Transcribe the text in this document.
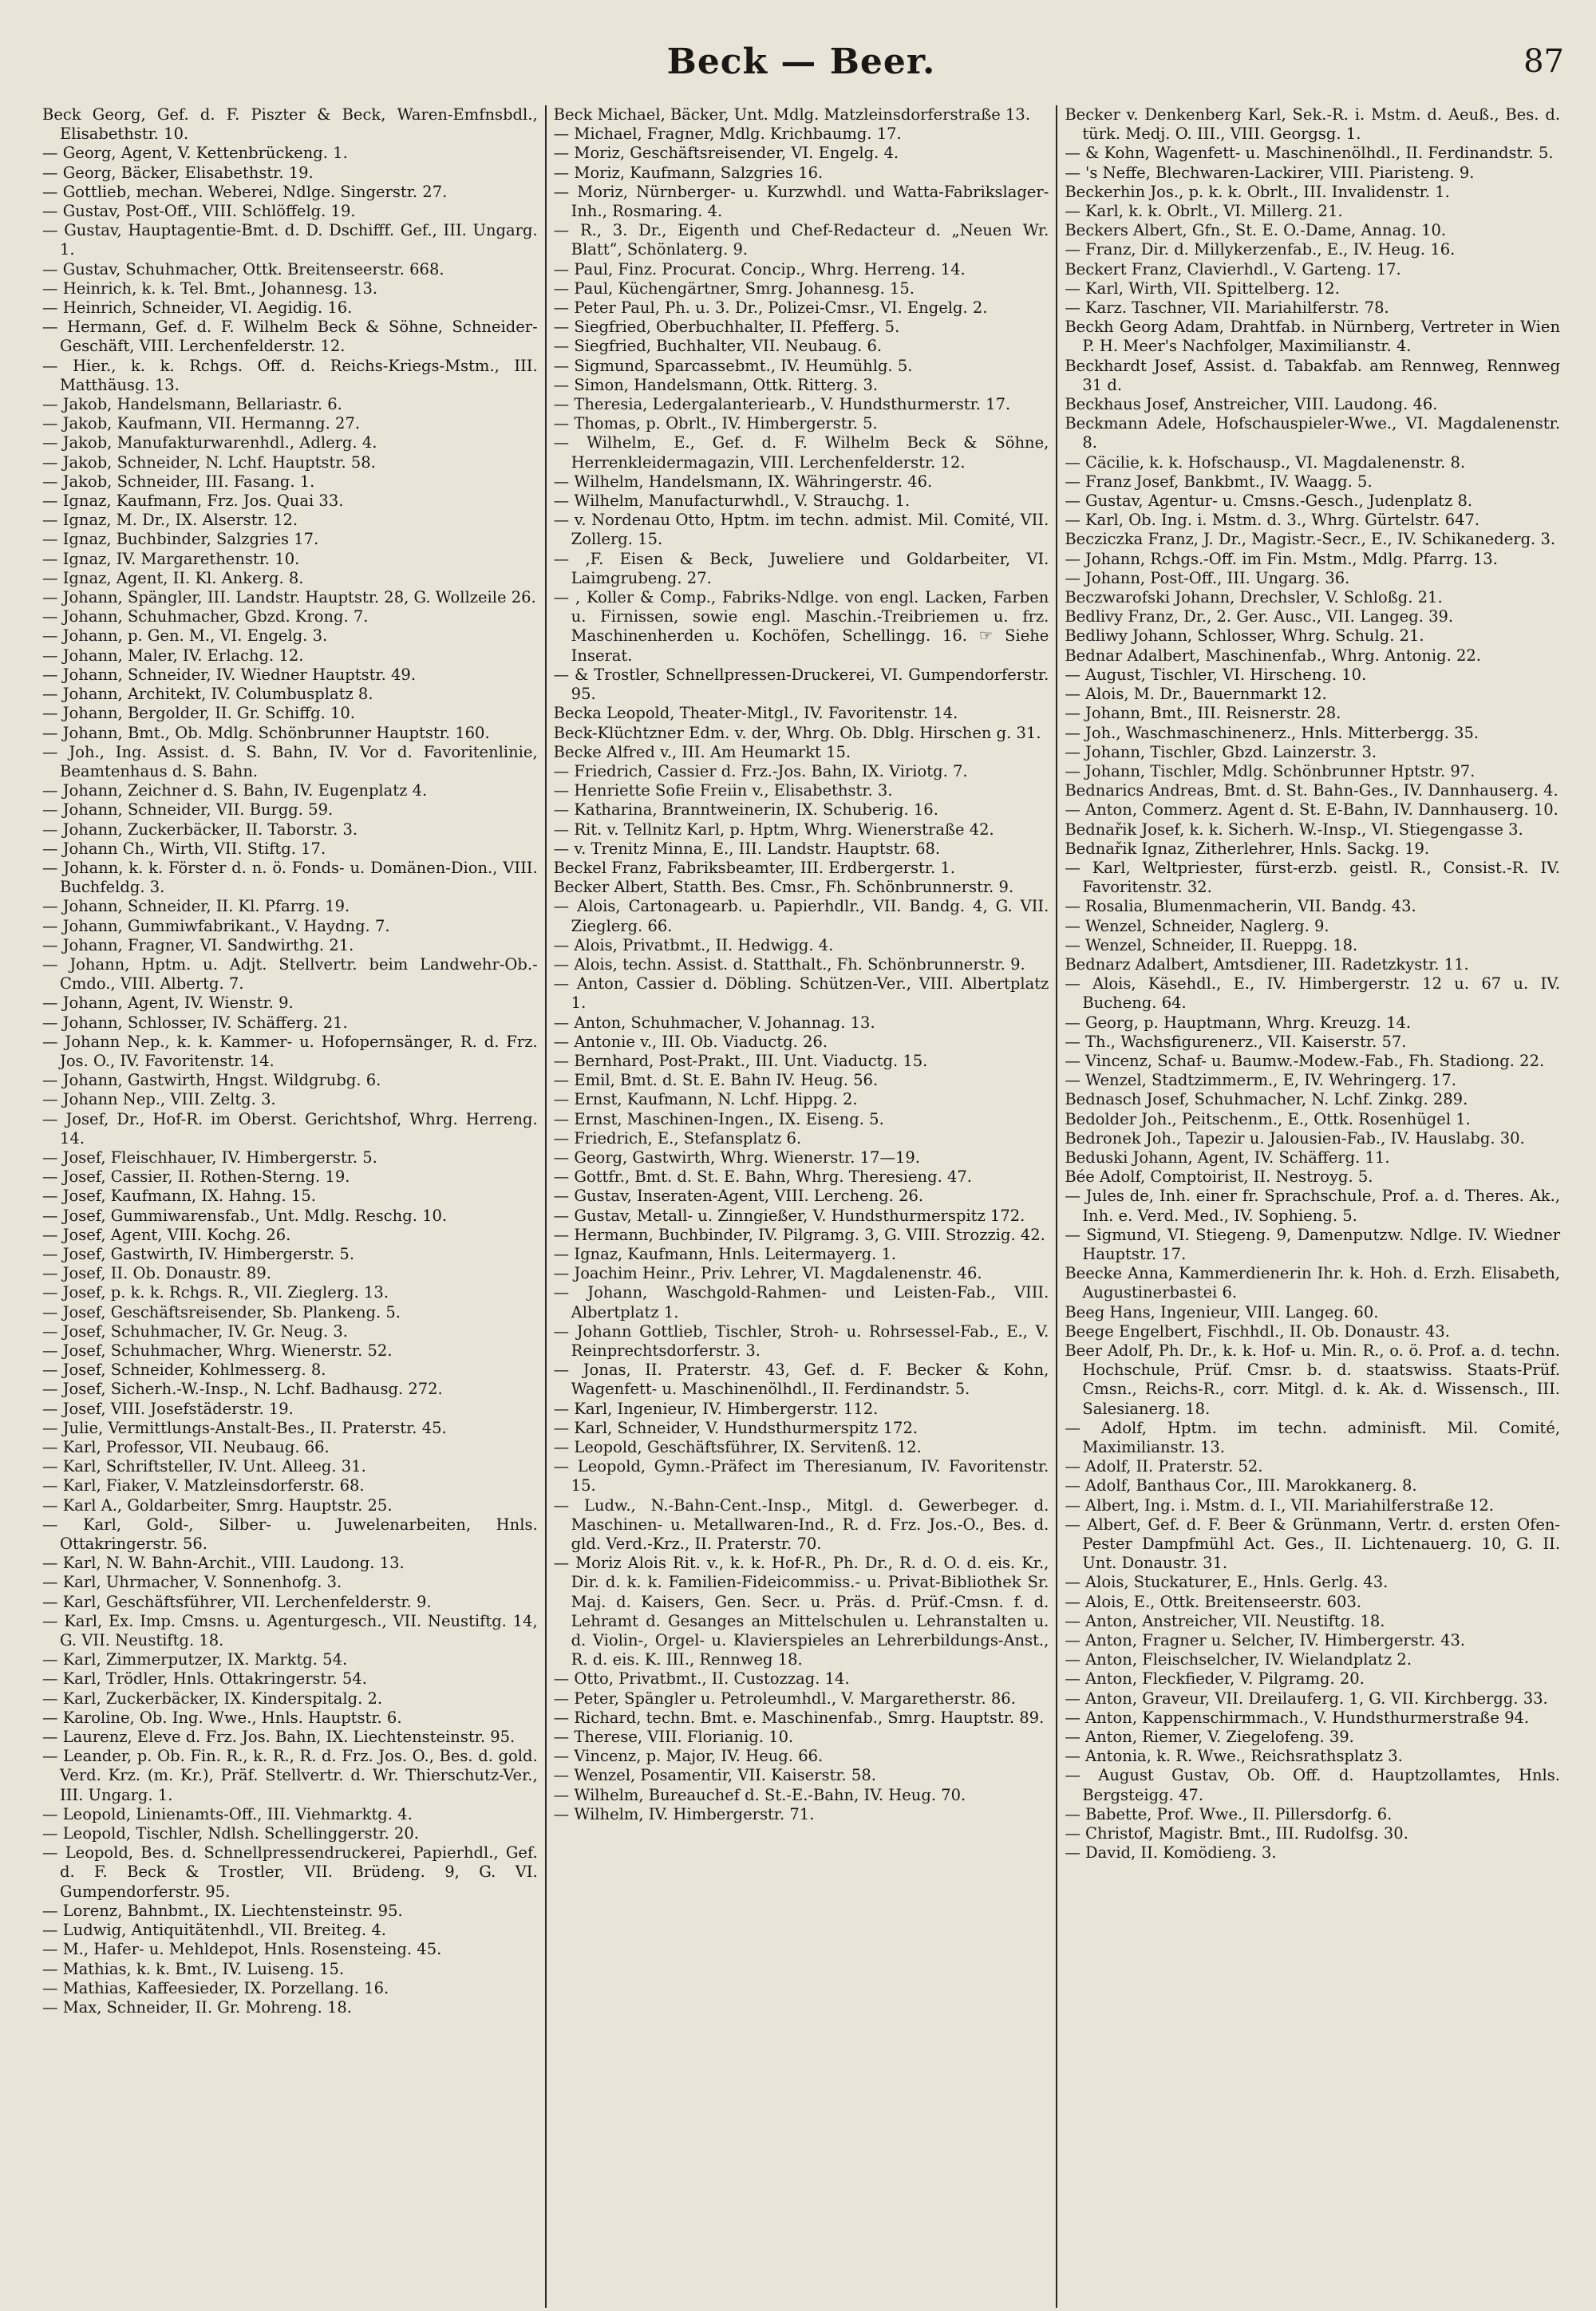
Beck — Beer.	87

Beck Georg, Gef. d. F. Piszter & Beck, Waren-Emfnsbdl., Elisabethstr. 10.

— Georg, Agent, V. Kettenbrückeng. 1.

— Georg, Bäcker, Elisabethstr. 19.

— Gottlieb, mechan. Weberei, Ndlge. Singerstr. 27.

— Gustav, Post-Off., VIII. Schlöffelg. 19.

— Gustav, Hauptagentie-Bmt. d. D. Dschifff. Gef., III. Ungarg. 1.

— Gustav, Schuhmacher, Ottk. Breitenseerstr. 668.

— Heinrich, k. k. Tel. Bmt., Johannesg. 13.

— Heinrich, Schneider, VI. Aegidig. 16.

— Hermann, Gef. d. F. Wilhelm Beck & Söhne, Schneider-Geschäft, VIII. Lerchenfelderstr. 12.

— Hier., k. k. Rchgs. Off. d. Reichs-Kriegs-Mstm., III. Matthäusg. 13.

— Jakob, Handelsmann, Bellariastr. 6.

— Jakob, Kaufmann, VII. Hermanng. 27.

— Jakob, Manufakturwarenhdl., Adlerg. 4.

— Jakob, Schneider, N. Lchf. Hauptstr. 58.

— Jakob, Schneider, III. Fasang. 1.

— Ignaz, Kaufmann, Frz. Jos. Quai 33.

— Ignaz, M. Dr., IX. Alserstr. 12.

— Ignaz, Buchbinder, Salzgries 17.

— Ignaz, IV. Margarethenstr. 10.

— Ignaz, Agent, II. Kl. Ankerg. 8.

— Johann, Spängler, III. Landstr. Hauptstr. 28, G. Wollzeile 26.

— Johann, Schuhmacher, Gbzd. Krong. 7.

— Johann, p. Gen. M., VI. Engelg. 3.

— Johann, Maler, IV. Erlachg. 12.

— Johann, Schneider, IV. Wiedner Hauptstr. 49.

— Johann, Architekt, IV. Columbusplatz 8.

— Johann, Bergolder, II. Gr. Schiffg. 10.

— Johann, Bmt., Ob. Mdlg. Schönbrunner Hauptstr. 160.

— Joh., Ing. Assist. d. S. Bahn, IV. Vor d. Favoritenlinie, Beamtenhaus d. S. Bahn.

— Johann, Zeichner d. S. Bahn, IV. Eugenplatz 4.

— Johann, Schneider, VII. Burgg. 59.

— Johann, Zuckerbäcker, II. Taborstr. 3.

— Johann Ch., Wirth, VII. Stiftg. 17.

— Johann, k. k. Förster d. n. ö. Fonds- u. Domänen-Dion., VIII. Buchfeldg. 3.

— Johann, Schneider, II. Kl. Pfarrg. 19.

— Johann, Gummiwfabrikant., V. Haydng. 7.

— Johann, Fragner, VI. Sandwirthg. 21.

— Johann, Hptm. u. Adjt. Stellvertr. beim Landwehr-Ob.-Cmdo., VIII. Albertg. 7.

— Johann, Agent, IV. Wienstr. 9.

— Johann, Schlosser, IV. Schäfferg. 21.

— Johann Nep., k. k. Kammer- u. Hofopernsänger, R. d. Frz. Jos. O., IV. Favoritenstr. 14.

— Johann, Gastwirth, Hngst. Wildgrubg. 6.

— Johann Nep., VIII. Zeltg. 3.

— Josef, Dr., Hof-R. im Oberst. Gerichtshof, Whrg. Herreng. 14.

— Josef, Fleischhauer, IV. Himbergerstr. 5.

— Josef, Cassier, II. Rothen-Sterng. 19.

— Josef, Kaufmann, IX. Hahng. 15.

— Josef, Gummiwarensfab., Unt. Mdlg. Reschg. 10.

— Josef, Agent, VIII. Kochg. 26.

— Josef, Gastwirth, IV. Himbergerstr. 5.

— Josef, II. Ob. Donaustr. 89.

— Josef, p. k. k. Rchgs. R., VII. Zieglerg. 13.

— Josef, Geschäftsreisender, Sb. Plankeng. 5.

— Josef, Schuhmacher, IV. Gr. Neug. 3.

— Josef, Schuhmacher, Whrg. Wienerstr. 52.

— Josef, Schneider, Kohlmesserg. 8.

— Josef, Sicherh.-W.-Insp., N. Lchf. Badhausg. 272.

— Josef, VIII. Josefstäderstr. 19.

— Julie, Vermittlungs-Anstalt-Bes., II. Praterstr. 45.

— Karl, Professor, VII. Neubaug. 66.

— Karl, Schriftsteller, IV. Unt. Alleeg. 31.

— Karl, Fiaker, V. Matzleinsdorferstr. 68.

— Karl A., Goldarbeiter, Smrg. Hauptstr. 25.

— Karl, Gold-, Silber- u. Juwelenarbeiten, Hnls. Ottakringerstr. 56.

— Karl, N. W. Bahn-Archit., VIII. Laudong. 13.

— Karl, Uhrmacher, V. Sonnenhofg. 3.

— Karl, Geschäftsführer, VII. Lerchenfelderstr. 9.

— Karl, Ex. Imp. Cmsns. u. Agenturgesch., VII. Neustiftg. 14, G. VII. Neustiftg. 18.

— Karl, Zimmerputzer, IX. Marktg. 54.

— Karl, Trödler, Hnls. Ottakringerstr. 54.

— Karl, Zuckerbäcker, IX. Kinderspitalg. 2.

— Karoline, Ob. Ing. Wwe., Hnls. Hauptstr. 6.

— Laurenz, Eleve d. Frz. Jos. Bahn, IX. Liechtensteinstr. 95.

— Leander, p. Ob. Fin. R., k. R., R. d. Frz. Jos. O., Bes. d. gold. Verd. Krz. (m. Kr.), Präf. Stellvertr. d. Wr. Thierschutz-Ver., III. Ungarg. 1.

— Leopold, Linienamts-Off., III. Viehmarktg. 4.

— Leopold, Tischler, Ndlsh. Schellinggerstr. 20.

— Leopold, Bes. d. Schnellpressendruckerei, Papierhdl., Gef. d. F. Beck & Trostler, VII. Brüdeng. 9, G. VI. Gumpendorferstr. 95.

— Lorenz, Bahnbmt., IX. Liechtensteinstr. 95.

— Ludwig, Antiquitätenhdl., VII. Breiteg. 4.

— M., Hafer- u. Mehldepot, Hnls. Rosensteing. 45.

— Mathias, k. k. Bmt., IV. Luiseng. 15.

— Mathias, Kaffeesieder, IX. Porzellang. 16.

— Max, Schneider, II. Gr. Mohreng. 18.

Beck Michael, Bäcker, Unt. Mdlg. Matzleinsdorferstraße 13.

— Michael, Fragner, Mdlg. Krichbaumg. 17.

— Moriz, Geschäftsreisender, VI. Engelg. 4.

— Moriz, Kaufmann, Salzgries 16.

— Moriz, Nürnberger- u. Kurzwhdl. und Watta-Fabrikslager-Inh., Rosmaring. 4.

— R., 3. Dr., Eigenth und Chef-Redacteur d. „Neuen Wr. Blatt“, Schönlaterg. 9.

— Paul, Finz. Procurat. Concip., Whrg. Herreng. 14.

— Paul, Küchengärtner, Smrg. Johannesg. 15.

— Peter Paul, Ph. u. 3. Dr., Polizei-Cmsr., VI. Engelg. 2.

— Siegfried, Oberbuchhalter, II. Pfefferg. 5.

— Siegfried, Buchhalter, VII. Neubaug. 6.

— Sigmund, Sparcassebmt., IV. Heumühlg. 5.

— Simon, Handelsmann, Ottk. Ritterg. 3.

— Theresia, Ledergalanteriearb., V. Hundsthurmerstr. 17.

— Thomas, p. Obrlt., IV. Himbergerstr. 5.

— Wilhelm, E., Gef. d. F. Wilhelm Beck & Söhne, Herrenkleidermagazin, VIII. Lerchenfelderstr. 12.

— Wilhelm, Handelsmann, IX. Währingerstr. 46.

— Wilhelm, Manufacturwhdl., V. Strauchg. 1.

— v. Nordenau Otto, Hptm. im techn. admist. Mil. Comité, VII. Zollerg. 15.

— ,F. Eisen & Beck, Juweliere und Goldarbeiter, VI. Laimgrubeng. 27.

— , Koller & Comp., Fabriks-Ndlge. von engl. Lacken, Farben u. Firnissen, sowie engl. Maschin.-Treibriemen u. frz. Maschinenherden u. Kochöfen, Schellingg. 16. ☞ Siehe Inserat.

— & Trostler, Schnellpressen-Druckerei, VI. Gumpendorferstr. 95.

Becka Leopold, Theater-Mitgl., IV. Favoritenstr. 14.

Beck-Klüchtzner Edm. v. der, Whrg. Ob. Dblg. Hirschen g. 31.

Becke Alfred v., III. Am Heumarkt 15.

— Friedrich, Cassier d. Frz.-Jos. Bahn, IX. Viriotg. 7.

— Henriette Sofie Freiin v., Elisabethstr. 3.

— Katharina, Branntweinerin, IX. Schuberig. 16.

— Rit. v. Tellnitz Karl, p. Hptm, Whrg. Wienerstraße 42.

— v. Trenitz Minna, E., III. Landstr. Hauptstr. 68.

Beckel Franz, Fabriksbeamter, III. Erdbergerstr. 1.

Becker Albert, Statth. Bes. Cmsr., Fh. Schönbrunnerstr. 9.

— Alois, Cartonagearb. u. Papierhdlr., VII. Bandg. 4, G. VII. Zieglerg. 66.

— Alois, Privatbmt., II. Hedwigg. 4.

— Alois, techn. Assist. d. Statthalt., Fh. Schönbrunnerstr. 9.

— Anton, Cassier d. Döbling. Schützen-Ver., VIII. Albertplatz 1.

— Anton, Schuhmacher, V. Johannag. 13.

— Antonie v., III. Ob. Viaductg. 26.

— Bernhard, Post-Prakt., III. Unt. Viaductg. 15.

— Emil, Bmt. d. St. E. Bahn IV. Heug. 56.

— Ernst, Kaufmann, N. Lchf. Hippg. 2.

— Ernst, Maschinen-Ingen., IX. Eiseng. 5.

— Friedrich, E., Stefansplatz 6.

— Georg, Gastwirth, Whrg. Wienerstr. 17—19.

— Gottfr., Bmt. d. St. E. Bahn, Whrg. Theresieng. 47.

— Gustav, Inseraten-Agent, VIII. Lercheng. 26.

— Gustav, Metall- u. Zinngießer, V. Hundsthurmerspitz 172.

— Hermann, Buchbinder, IV. Pilgramg. 3, G. VIII. Strozzig. 42.

— Ignaz, Kaufmann, Hnls. Leitermayerg. 1.

— Joachim Heinr., Priv. Lehrer, VI. Magdalenenstr. 46.

— Johann, Waschgold-Rahmen- und Leisten-Fab., VIII. Albertplatz 1.

— Johann Gottlieb, Tischler, Stroh- u. Rohrsessel-Fab., E., V. Reinprechtsdorferstr. 3.

— Jonas, II. Praterstr. 43, Gef. d. F. Becker & Kohn, Wagenfett- u. Maschinenölhdl., II. Ferdinandstr. 5.

— Karl, Ingenieur, IV. Himbergerstr. 112.

— Karl, Schneider, V. Hundsthurmerspitz 172.

— Leopold, Geschäftsführer, IX. Servitenß. 12.

— Leopold, Gymn.-Präfect im Theresianum, IV. Favoritenstr. 15.

— Ludw., N.-Bahn-Cent.-Insp., Mitgl. d. Gewerbeger. d. Maschinen- u. Metallwaren-Ind., R. d. Frz. Jos.-O., Bes. d. gld. Verd.-Krz., II. Praterstr. 70.

— Moriz Alois Rit. v., k. k. Hof-R., Ph. Dr., R. d. O. d. eis. Kr., Dir. d. k. k. Familien-Fideicommiss.- u. Privat-Bibliothek Sr. Maj. d. Kaisers, Gen. Secr. u. Präs. d. Prüf.-Cmsn. f. d. Lehramt d. Gesanges an Mittelschulen u. Lehranstalten u. d. Violin-, Orgel- u. Klavierspieles an Lehrerbildungs-Anst., R. d. eis. K. III., Rennweg 18.

— Otto, Privatbmt., II. Custozzag. 14.

— Peter, Spängler u. Petroleumhdl., V. Margaretherstr. 86.

— Richard, techn. Bmt. e. Maschinenfab., Smrg. Hauptstr. 89.

— Therese, VIII. Florianig. 10.

— Vincenz, p. Major, IV. Heug. 66.

— Wenzel, Posamentir, VII. Kaiserstr. 58.

— Wilhelm, Bureauchef d. St.-E.-Bahn, IV. Heug. 70.

— Wilhelm, IV. Himbergerstr. 71.

Becker v. Denkenberg Karl, Sek.-R. i. Mstm. d. Aeuß., Bes. d. türk. Medj. O. III., VIII. Georgsg. 1.

— & Kohn, Wagenfett- u. Maschinenölhdl., II. Ferdinandstr. 5.

— 's Neffe, Blechwaren-Lackirer, VIII. Piaristeng. 9.

Beckerhin Jos., p. k. k. Obrlt., III. Invalidenstr. 1.

— Karl, k. k. Obrlt., VI. Millerg. 21.

Beckers Albert, Gfn., St. E. O.-Dame, Annag. 10.

— Franz, Dir. d. Millykerzenfab., E., IV. Heug. 16.

Beckert Franz, Clavierhdl., V. Garteng. 17.

— Karl, Wirth, VII. Spittelberg. 12.

— Karz. Taschner, VII. Mariahilferstr. 78.

Beckh Georg Adam, Drahtfab. in Nürnberg, Vertreter in Wien P. H. Meer's Nachfolger, Maximilianstr. 4.

Beckhardt Josef, Assist. d. Tabakfab. am Rennweg, Rennweg 31 d.

Beckhaus Josef, Anstreicher, VIII. Laudong. 46.

Beckmann Adele, Hofschauspieler-Wwe., VI. Magdalenenstr. 8.

— Cäcilie, k. k. Hofschausp., VI. Magdalenenstr. 8.

— Franz Josef, Bankbmt., IV. Waagg. 5.

— Gustav, Agentur- u. Cmsns.-Gesch., Judenplatz 8.

— Karl, Ob. Ing. i. Mstm. d. 3., Whrg. Gürtelstr. 647.

Becziczka Franz, J. Dr., Magistr.-Secr., E., IV. Schikanederg. 3.

— Johann, Rchgs.-Off. im Fin. Mstm., Mdlg. Pfarrg. 13.

— Johann, Post-Off., III. Ungarg. 36.

Beczwarofski Johann, Drechsler, V. Schloßg. 21.

Bedlivy Franz, Dr., 2. Ger. Ausc., VII. Langeg. 39.

Bedliwy Johann, Schlosser, Whrg. Schulg. 21.

Bednar Adalbert, Maschinenfab., Whrg. Antonig. 22.

— August, Tischler, VI. Hirscheng. 10.

— Alois, M. Dr., Bauernmarkt 12.

— Johann, Bmt., III. Reisnerstr. 28.

— Joh., Waschmaschinenerz., Hnls. Mitterbergg. 35.

— Johann, Tischler, Gbzd. Lainzerstr. 3.

— Johann, Tischler, Mdlg. Schönbrunner Hptstr. 97.

Bednarics Andreas, Bmt. d. St. Bahn-Ges., IV. Dannhauserg. 4.

— Anton, Commerz. Agent d. St. E-Bahn, IV. Dannhauserg. 10.

Bednařik Josef, k. k. Sicherh. W.-Insp., VI. Stiegengasse 3.

Bednařik Ignaz, Zitherlehrer, Hnls. Sackg. 19.

— Karl, Weltpriester, fürst-erzb. geistl. R., Consist.-R. IV. Favoritenstr. 32.

— Rosalia, Blumenmacherin, VII. Bandg. 43.

— Wenzel, Schneider, Naglerg. 9.

— Wenzel, Schneider, II. Rueppg. 18.

Bednarz Adalbert, Amtsdiener, III. Radetzkystr. 11.

— Alois, Käsehdl., E., IV. Himbergerstr. 12 u. 67 u. IV. Bucheng. 64.

— Georg, p. Hauptmann, Whrg. Kreuzg. 14.

— Th., Wachsfigurenerz., VII. Kaiserstr. 57.

— Vincenz, Schaf- u. Baumw.-Modew.-Fab., Fh. Stadiong. 22.

— Wenzel, Stadtzimmerm., E, IV. Wehringerg. 17.

Bednasch Josef, Schuhmacher, N. Lchf. Zinkg. 289.

Bedolder Joh., Peitschenm., E., Ottk. Rosenhügel 1.

Bedronek Joh., Tapezir u. Jalousien-Fab., IV. Hauslabg. 30.

Beduski Johann, Agent, IV. Schäfferg. 11.

Bée Adolf, Comptoirist, II. Nestroyg. 5.

— Jules de, Inh. einer fr. Sprachschule, Prof. a. d. Theres. Ak., Inh. e. Verd. Med., IV. Sophieng. 5.

— Sigmund, VI. Stiegeng. 9, Damenputzw. Ndlge. IV. Wiedner Hauptstr. 17.

Beecke Anna, Kammerdienerin Ihr. k. Hoh. d. Erzh. Elisabeth, Augustinerbastei 6.

Beeg Hans, Ingenieur, VIII. Langeg. 60.

Beege Engelbert, Fischhdl., II. Ob. Donaustr. 43.

Beer Adolf, Ph. Dr., k. k. Hof- u. Min. R., o. ö. Prof. a. d. techn. Hochschule, Prüf. Cmsr. b. d. staatswiss. Staats-Prüf. Cmsn., Reichs-R., corr. Mitgl. d. k. Ak. d. Wissensch., III. Salesianerg. 18.

— Adolf, Hptm. im techn. adminisft. Mil. Comité, Maximilianstr. 13.

— Adolf, II. Praterstr. 52.

— Adolf, Banthaus Cor., III. Marokkanerg. 8.

— Albert, Ing. i. Mstm. d. I., VII. Mariahilferstraße 12.

— Albert, Gef. d. F. Beer & Grünmann, Vertr. d. ersten Ofen-Pester Dampfmühl Act. Ges., II. Lichtenauerg. 10, G. II. Unt. Donaustr. 31.

— Alois, Stuckaturer, E., Hnls. Gerlg. 43.

— Alois, E., Ottk. Breitenseerstr. 603.

— Anton, Anstreicher, VII. Neustiftg. 18.

— Anton, Fragner u. Selcher, IV. Himbergerstr. 43.

— Anton, Fleischselcher, IV. Wielandplatz 2.

— Anton, Fleckfieder, V. Pilgramg. 20.

— Anton, Graveur, VII. Dreilauferg. 1, G. VII. Kirchbergg. 33.

— Anton, Kappenschirmmach., V. Hundsthurmerstraße 94.

— Anton, Riemer, V. Ziegelofeng. 39.

— Antonia, k. R. Wwe., Reichsrathsplatz 3.

— August Gustav, Ob. Off. d. Hauptzollamtes, Hnls. Bergsteigg. 47.

— Babette, Prof. Wwe., II. Pillersdorfg. 6.

— Christof, Magistr. Bmt., III. Rudolfsg. 30.

— David, II. Komödieng. 3.
